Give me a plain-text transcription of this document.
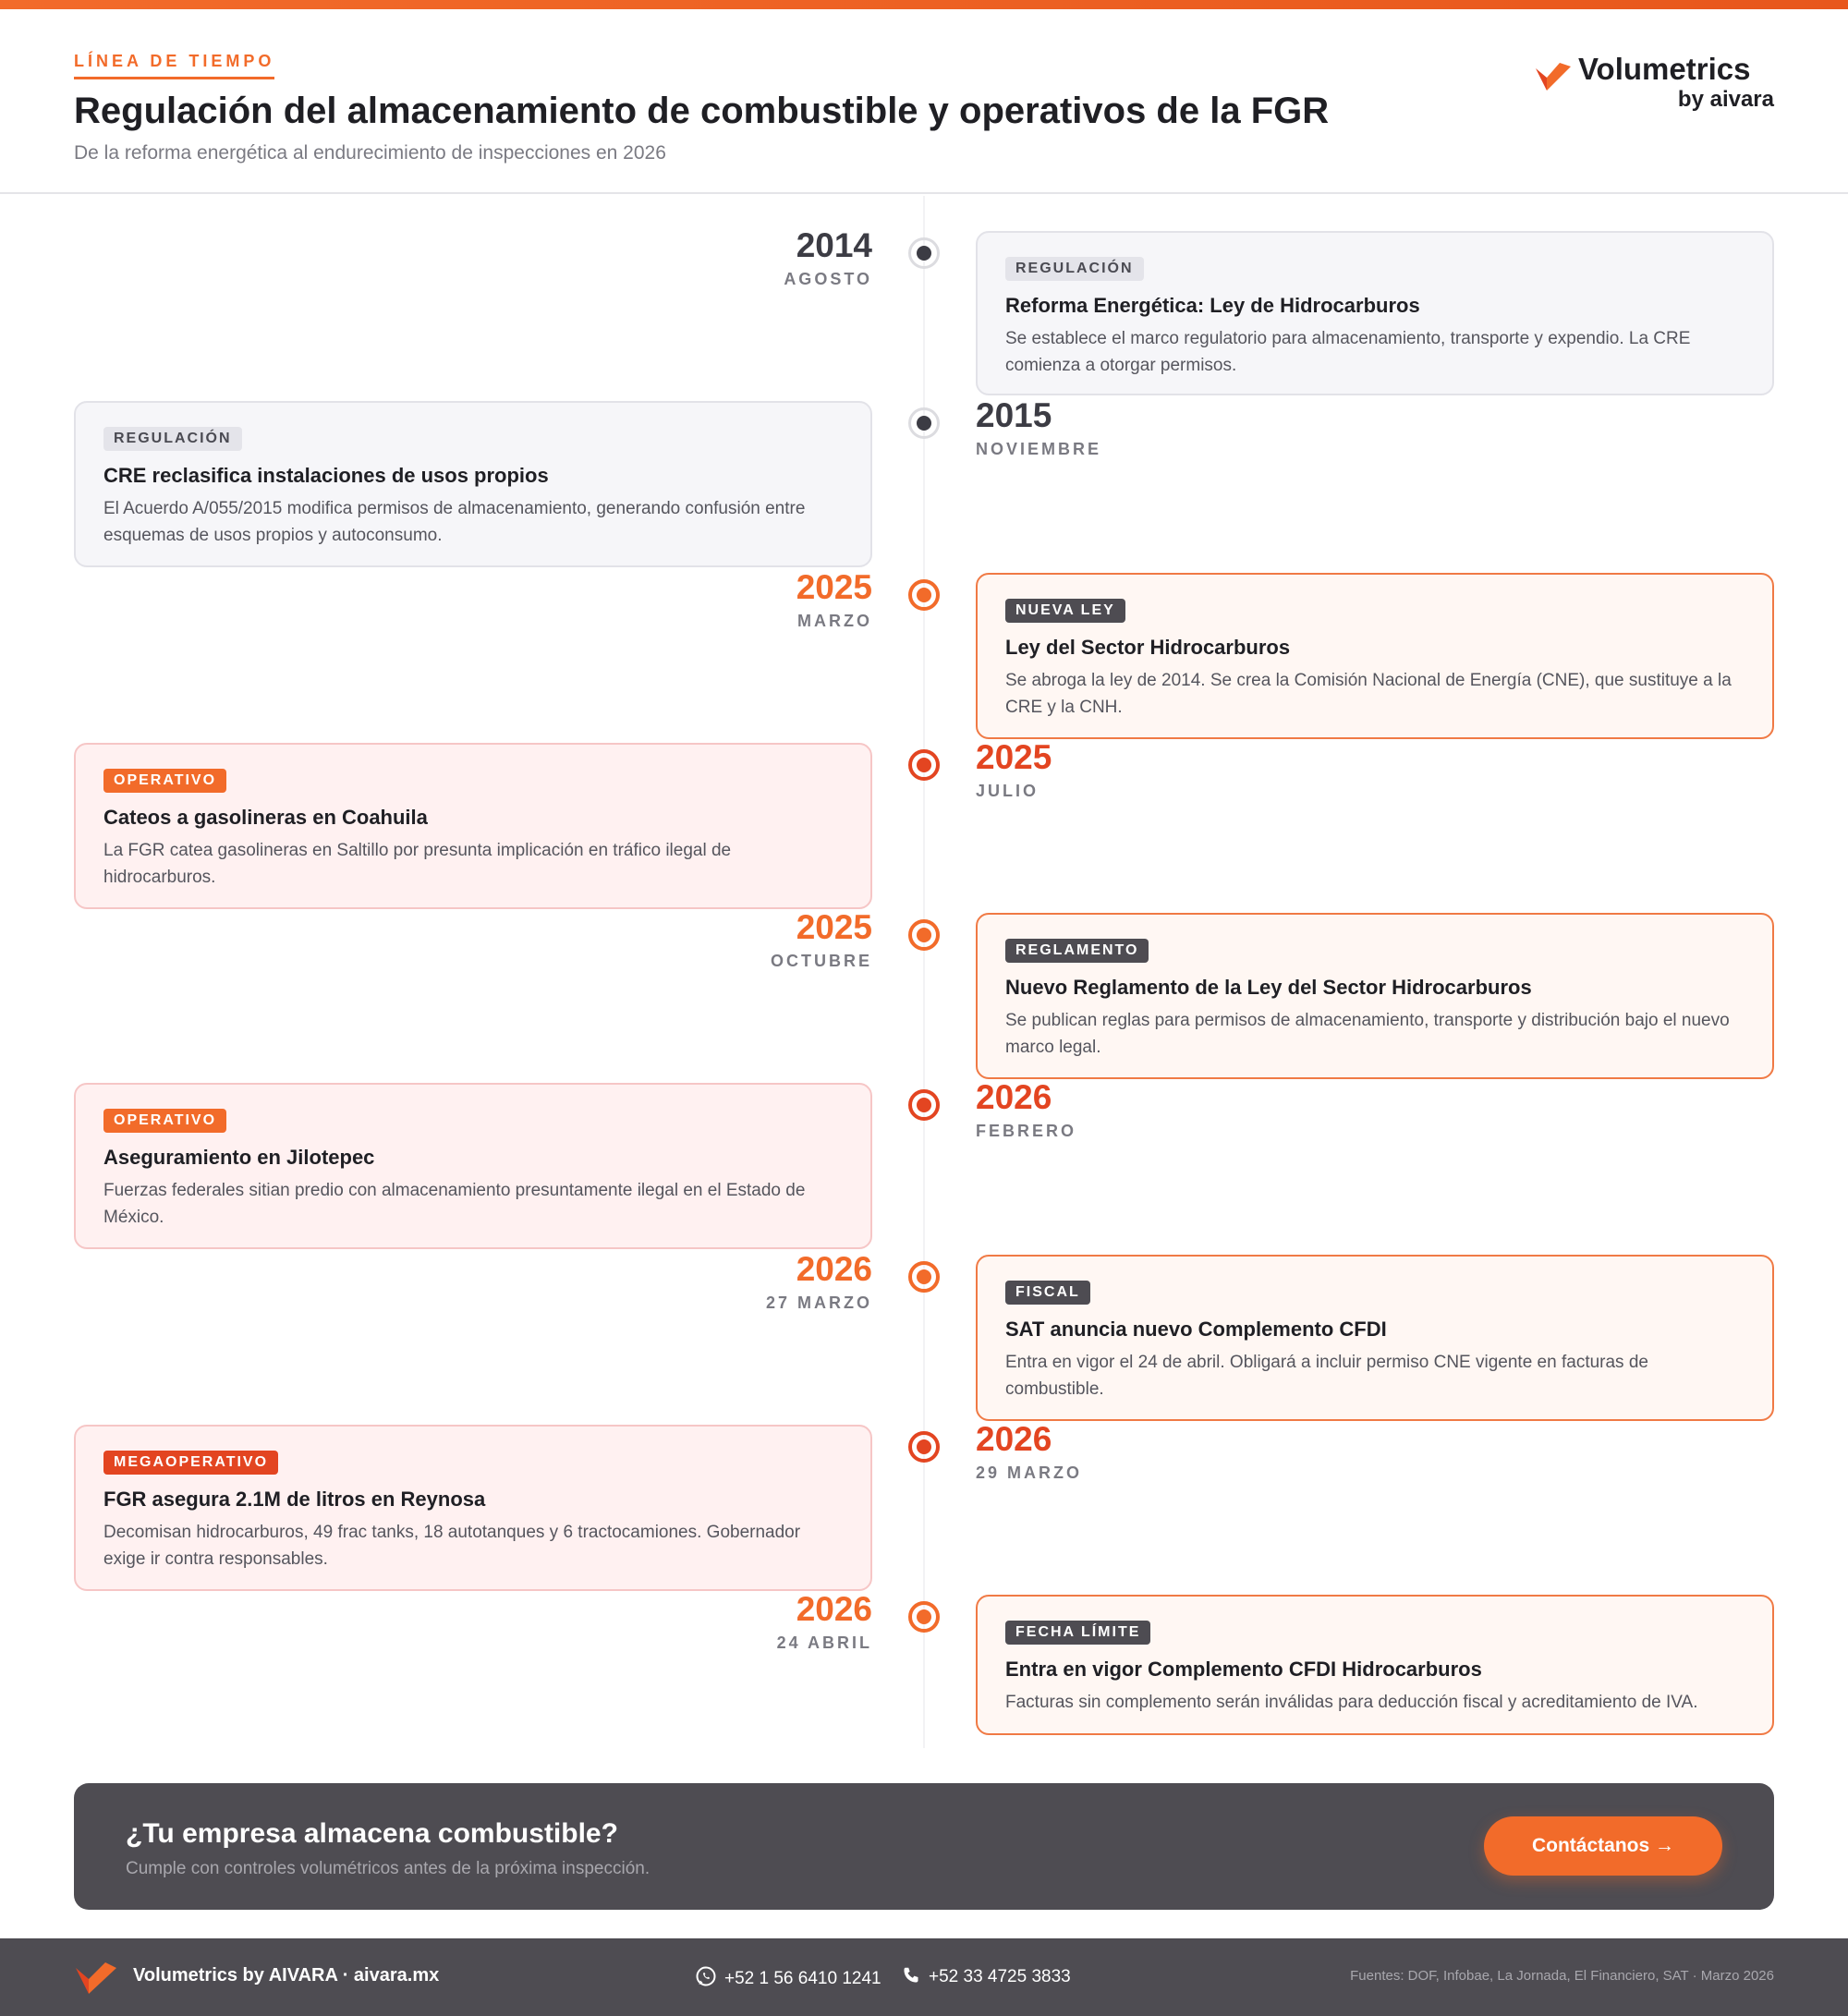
LÍNEA DE TIEMPO
Regulación del almacenamiento de combustible y operativos de la FGR
De la reforma energética al endurecimiento de inspecciones en 2026
Volumetrics
by aivara
2014
AGOSTO
REGULACIÓN
Reforma Energética: Ley de Hidrocarburos
Se establece el marco regulatorio para almacenamiento, transporte y expendio. La CRE comienza a otorgar permisos.
REGULACIÓN
CRE reclasifica instalaciones de usos propios
El Acuerdo A/055/2015 modifica permisos de almacenamiento, generando confusión entre esquemas de usos propios y autoconsumo.
2015
NOVIEMBRE
2025
MARZO
NUEVA LEY
Ley del Sector Hidrocarburos
Se abroga la ley de 2014. Se crea la Comisión Nacional de Energía (CNE), que sustituye a la CRE y la CNH.
OPERATIVO
Cateos a gasolineras en Coahuila
La FGR catea gasolineras en Saltillo por presunta implicación en tráfico ilegal de hidrocarburos.
2025
JULIO
2025
OCTUBRE
REGLAMENTO
Nuevo Reglamento de la Ley del Sector Hidrocarburos
Se publican reglas para permisos de almacenamiento, transporte y distribución bajo el nuevo marco legal.
OPERATIVO
Aseguramiento en Jilotepec
Fuerzas federales sitian predio con almacenamiento presuntamente ilegal en el Estado de México.
2026
FEBRERO
2026
27 MARZO
FISCAL
SAT anuncia nuevo Complemento CFDI
Entra en vigor el 24 de abril. Obligará a incluir permiso CNE vigente en facturas de combustible.
MEGAOPERATIVO
FGR asegura 2.1M de litros en Reynosa
Decomisan hidrocarburos, 49 frac tanks, 18 autotanques y 6 tractocamiones. Gobernador exige ir contra responsables.
2026
29 MARZO
2026
24 ABRIL
FECHA LÍMITE
Entra en vigor Complemento CFDI Hidrocarburos
Facturas sin complemento serán inválidas para deducción fiscal y acreditamiento de IVA.
¿Tu empresa almacena combustible?
Cumple con controles volumétricos antes de la próxima inspección.
Contáctanos →
Volumetrics by AIVARA · aivara.mx	+52 1 56 6410 1241	+52 33 4725 3833	Fuentes: DOF, Infobae, La Jornada, El Financiero, SAT · Marzo 2026
